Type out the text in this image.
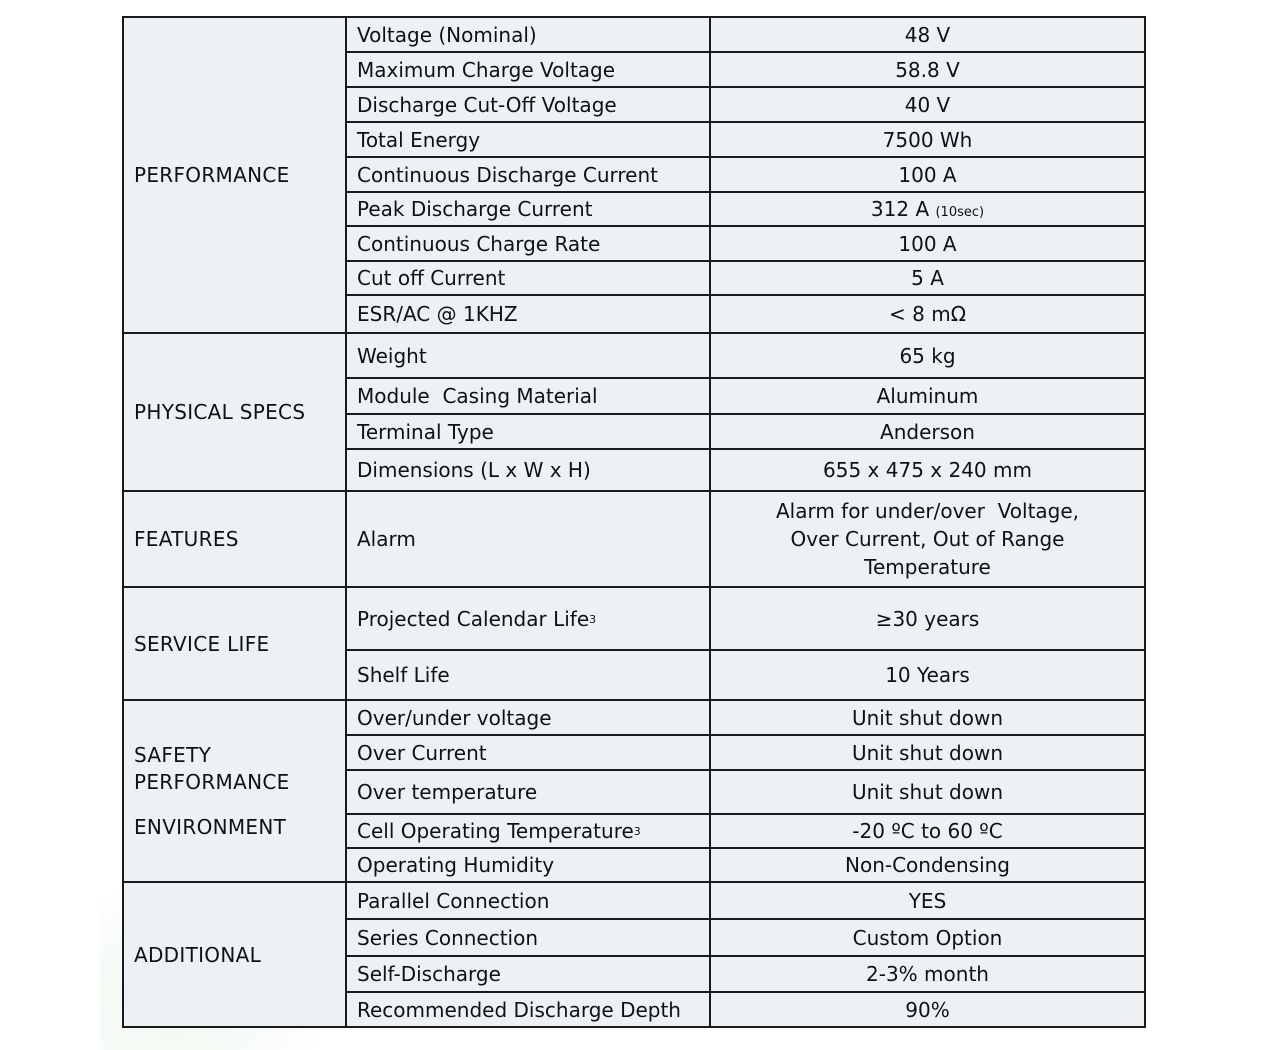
PERFORMANCE	Voltage (Nominal)	48 V
	Maximum Charge Voltage	58.8 V
	Discharge Cut-Off Voltage	40 V
	Total Energy	7500 Wh
	Continuous Discharge Current	100 A
	Peak Discharge Current	312 A (10sec)
	Continuous Charge Rate	100 A
	Cut off Current	5 A
	ESR/AC @ 1KHZ	< 8 mΩ
PHYSICAL SPECS	Weight	65 kg
	Module  Casing Material	Aluminum
	Terminal Type	Anderson
	Dimensions (L x W x H)	655 x 475 x 240 mm
FEATURES	Alarm	Alarm for under/over  Voltage,
Over Current, Out of Range
Temperature

SERVICE LIFE	Projected Calendar Life$^3$	≥30 years
	Shelf Life	10 Years

SAFETY
PERFORMANCE
ENVIRONMENT	Over/under voltage	Unit shut down
	Over Current	Unit shut down
	Over temperature	Unit shut down
	Cell Operating Temperature$^3$	-20 ºC to 60 ºC
	Operating Humidity	Non-Condensing
ADDITIONAL	Parallel Connection	YES
	Series Connection	Custom Option
	Self-Discharge	2-3% month
	Recommended Discharge Depth	90%
